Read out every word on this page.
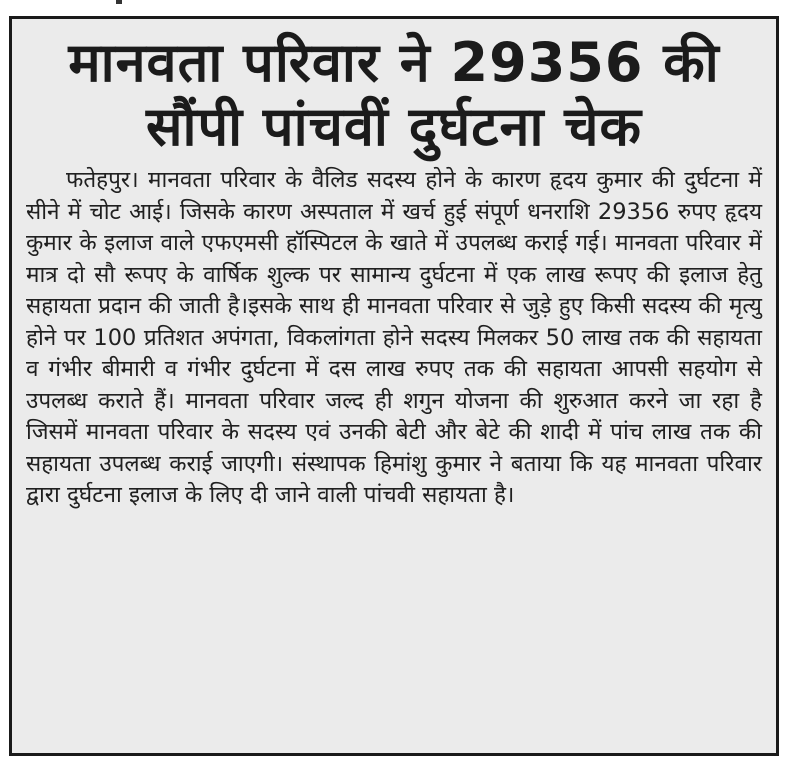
मानवता परिवार ने 29356 की
सौंपी पांचवीं दुर्घटना चेक

फतेहपुर। मानवता परिवार के वैलिड सदस्य होने के कारण हृदय कुमार की दुर्घटना में सीने में चोट आई। जिसके कारण अस्पताल में खर्च हुई संपूर्ण धनराशि 29356 रुपए हृदय कुमार के इलाज वाले एफएमसी हॉस्पिटल के खाते में उपलब्ध कराई गई। मानवता परिवार में मात्र दो सौ रूपए के वार्षिक शुल्क पर सामान्य दुर्घटना में एक लाख रूपए की इलाज हेतु सहायता प्रदान की जाती है।इसके साथ ही मानवता परिवार से जुड़े हुए किसी सदस्य की मृत्यु होने पर 100 प्रतिशत अपंगता, विकलांगता होने सदस्य मिलकर 50 लाख तक की सहायता व गंभीर बीमारी व गंभीर दुर्घटना में दस लाख रुपए तक की सहायता आपसी सहयोग से उपलब्ध कराते हैं। मानवता परिवार जल्द ही शगुन योजना की शुरुआत करने जा रहा है जिसमें मानवता परिवार के सदस्य एवं उनकी बेटी और बेटे की शादी में पांच लाख तक की सहायता उपलब्ध कराई जाएगी। संस्थापक हिमांशु कुमार ने बताया कि यह मानवता परिवार द्वारा दुर्घटना इलाज के लिए दी जाने वाली पांचवी सहायता है।
